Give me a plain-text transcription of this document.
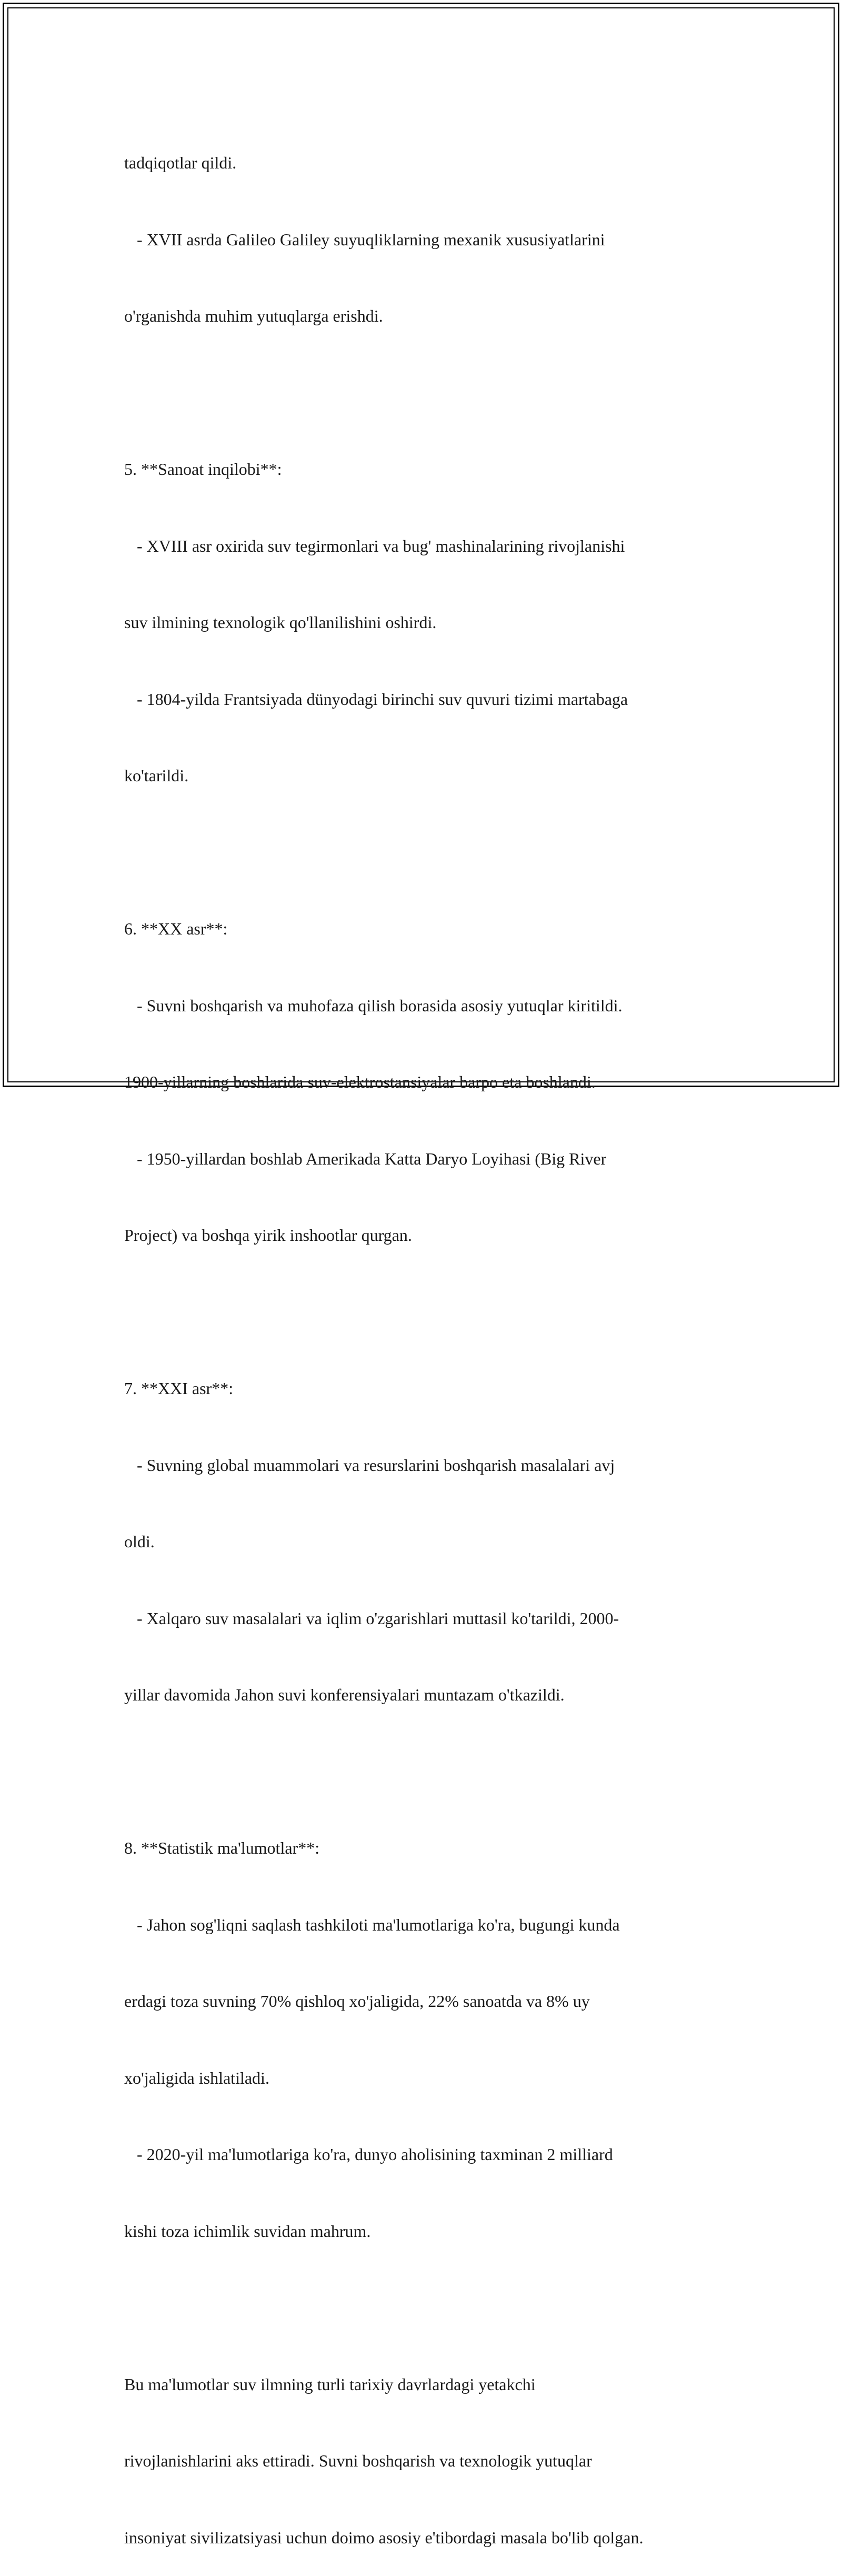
tadqiqotlar qildi.

- XVII asrda Galileo Galiley suyuqliklarning mexanik xususiyatlarini

o'rganishda muhim yutuqlarga erishdi.

5. **Sanoat inqilobi**:

- XVIII asr oxirida suv tegirmonlari va bug' mashinalarining rivojlanishi

suv ilmining texnologik qo'llanilishini oshirdi.

- 1804-yilda Frantsiyada dünyodagi birinchi suv quvuri tizimi martabaga

ko'tarildi.

6. **XX asr**:

- Suvni boshqarish va muhofaza qilish borasida asosiy yutuqlar kiritildi.

1900-yillarning boshlarida suv-elektrostansiyalar barpo eta boshlandi.

- 1950-yillardan boshlab Amerikada Katta Daryo Loyihasi (Big River

Project) va boshqa yirik inshootlar qurgan.

7. **XXI asr**:

- Suvning global muammolari va resurslarini boshqarish masalalari avj

oldi.

- Xalqaro suv masalalari va iqlim o'zgarishlari muttasil ko'tarildi, 2000-

yillar davomida Jahon suvi konferensiyalari muntazam o'tkazildi.

8. **Statistik ma'lumotlar**:

- Jahon sog'liqni saqlash tashkiloti ma'lumotlariga ko'ra, bugungi kunda

erdagi toza suvning 70% qishloq xo'jaligida, 22% sanoatda va 8% uy

xo'jaligida ishlatiladi.

- 2020-yil ma'lumotlariga ko'ra, dunyo aholisining taxminan 2 milliard

kishi toza ichimlik suvidan mahrum.

Bu ma'lumotlar suv ilmning turli tarixiy davrlardagi yetakchi

rivojlanishlarini aks ettiradi. Suvni boshqarish va texnologik yutuqlar

insoniyat sivilizatsiyasi uchun doimo asosiy e'tibordagi masala bo'lib qolgan.
